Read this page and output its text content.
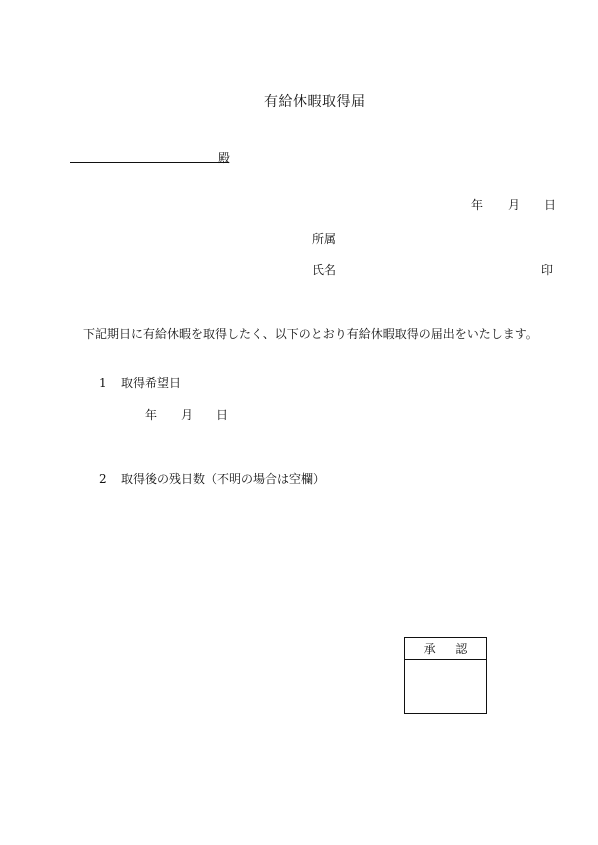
有給休暇取得届
殿
年 月 日
所属
氏名	印
下記期日に有給休暇を取得したく、以下のとおり有給休暇取得の届出をいたします。
1 取得希望日
年 月 日
2 取得後の残日数（不明の場合は空欄）
承 認
